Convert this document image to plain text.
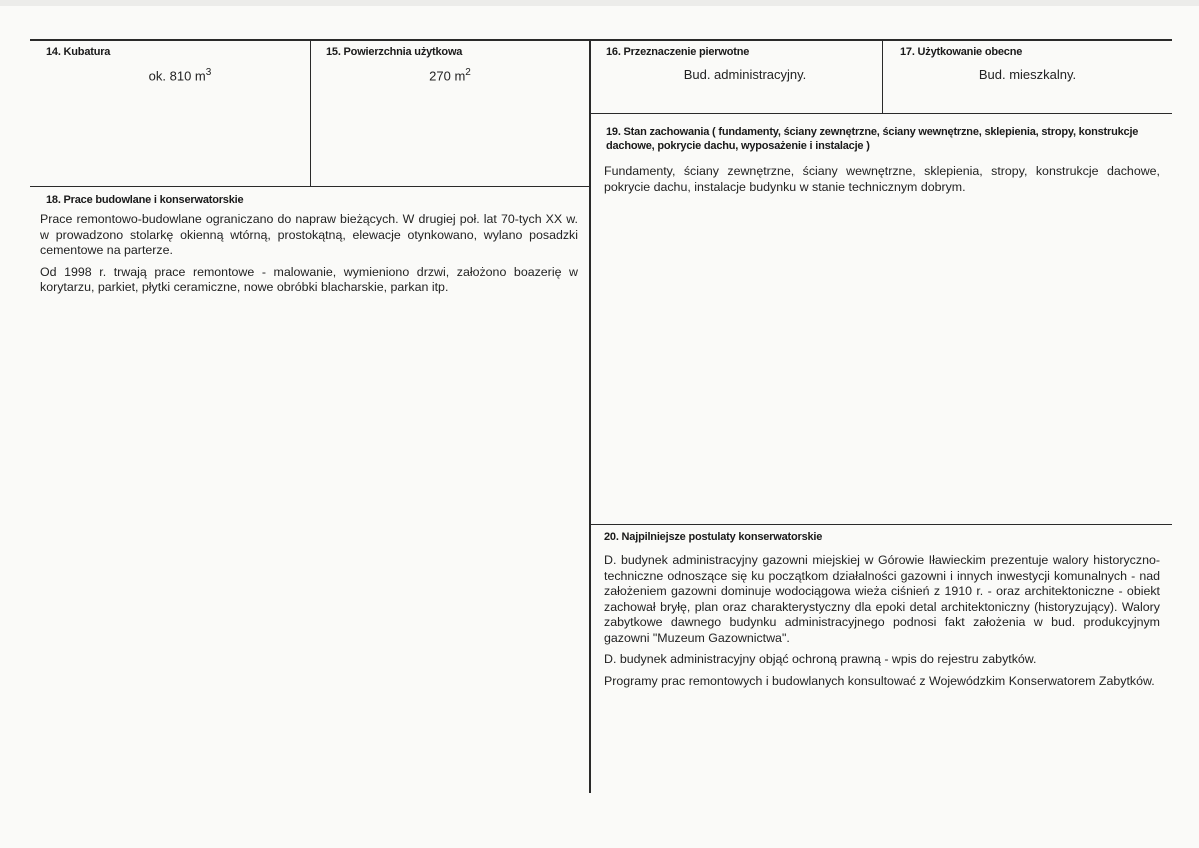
14. Kubatura
ok. 810 $m^3$
15. Powierzchnia użytkowa
270 $m^2$
16. Przeznaczenie pierwotne
Bud. administracyjny.
17. Użytkowanie obecne
Bud. mieszkalny.
18. Prace budowlane i konserwatorskie

Prace remontowo-budowlane ograniczano do napraw bieżących. W drugiej poł. lat 70-tych XX w. w prowadzono stolarkę okienną wtórną, prostokątną, elewacje otynkowano, wylano posadzki cementowe na parterze.

Od 1998 r. trwają prace remontowe - malowanie, wymieniono drzwi, założono boazerię w korytarzu, parkiet, płytki ceramiczne, nowe obróbki blacharskie, parkan itp.

19. Stan zachowania ( fundamenty, ściany zewnętrzne, ściany wewnętrzne, sklepienia, stropy, konstrukcje dachowe, pokrycie dachu, wyposażenie i instalacje )

Fundamenty, ściany zewnętrzne, ściany wewnętrzne, sklepienia, stropy, konstrukcje dachowe, pokrycie dachu, instalacje budynku w stanie technicznym dobrym.

20. Najpilniejsze postulaty konserwatorskie

D. budynek administracyjny gazowni miejskiej w Górowie Iławieckim prezentuje walory historyczno-techniczne odnoszące się ku początkom działalności gazowni i innych inwestycji komunalnych - nad założeniem gazowni dominuje wodociągowa wieża ciśnień z 1910 r. - oraz architektoniczne - obiekt zachował bryłę, plan oraz charakterystyczny dla epoki detal architektoniczny (historyzujący). Walory zabytkowe dawnego budynku administracyjnego podnosi fakt założenia w bud. produkcyjnym gazowni "Muzeum Gazownictwa".

D. budynek administracyjny objąć ochroną prawną - wpis do rejestru zabytków.

Programy prac remontowych i budowlanych konsultować z Wojewódzkim Konserwatorem Zabytków.
